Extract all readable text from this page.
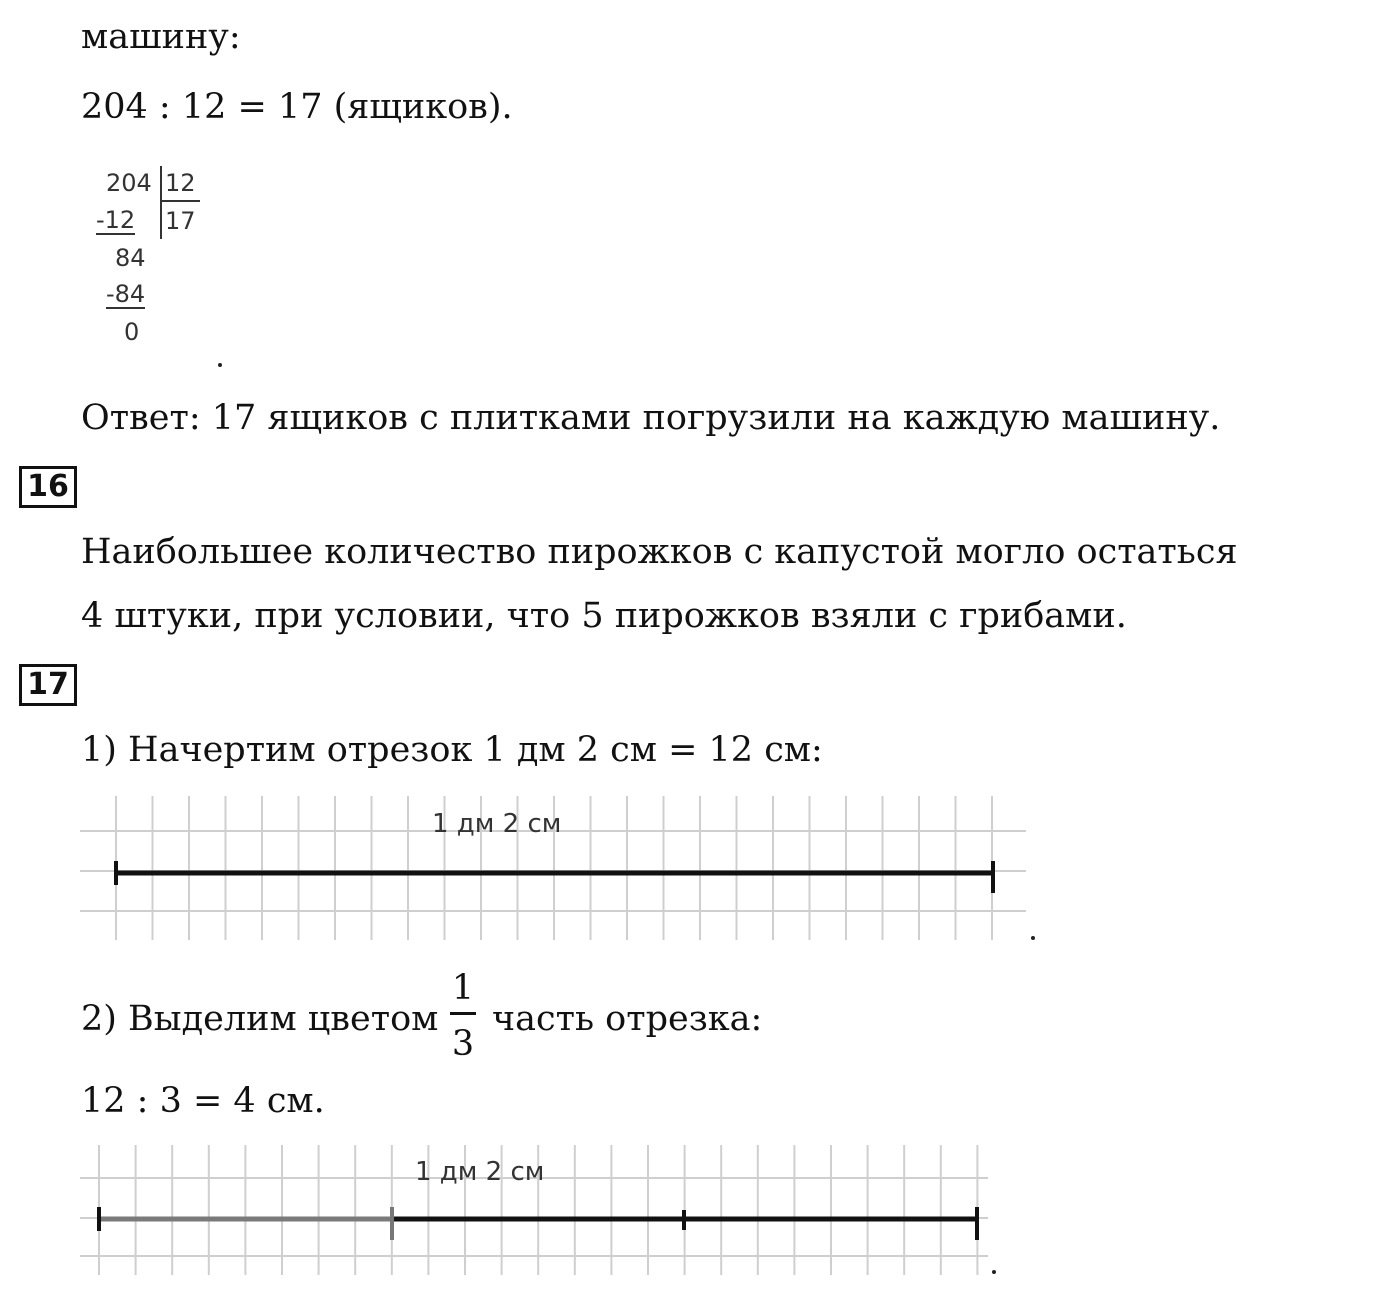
машину:
204 : 12 = 17 (ящиков).
204 12
17
-12
84
-84
0
Ответ: 17 ящиков с плитками погрузили на каждую машину.
16
Наибольшее количество пирожков с капустой могло остаться
4 штуки, при условии, что 5 пирожков взяли с грибами.
17
1) Начертим отрезок 1 дм 2 см = 12 см:
1 дм 2 см
2) Выделим цветом
1
3
часть отрезка:
12 : 3 = 4 см.
1 дм 2 см
